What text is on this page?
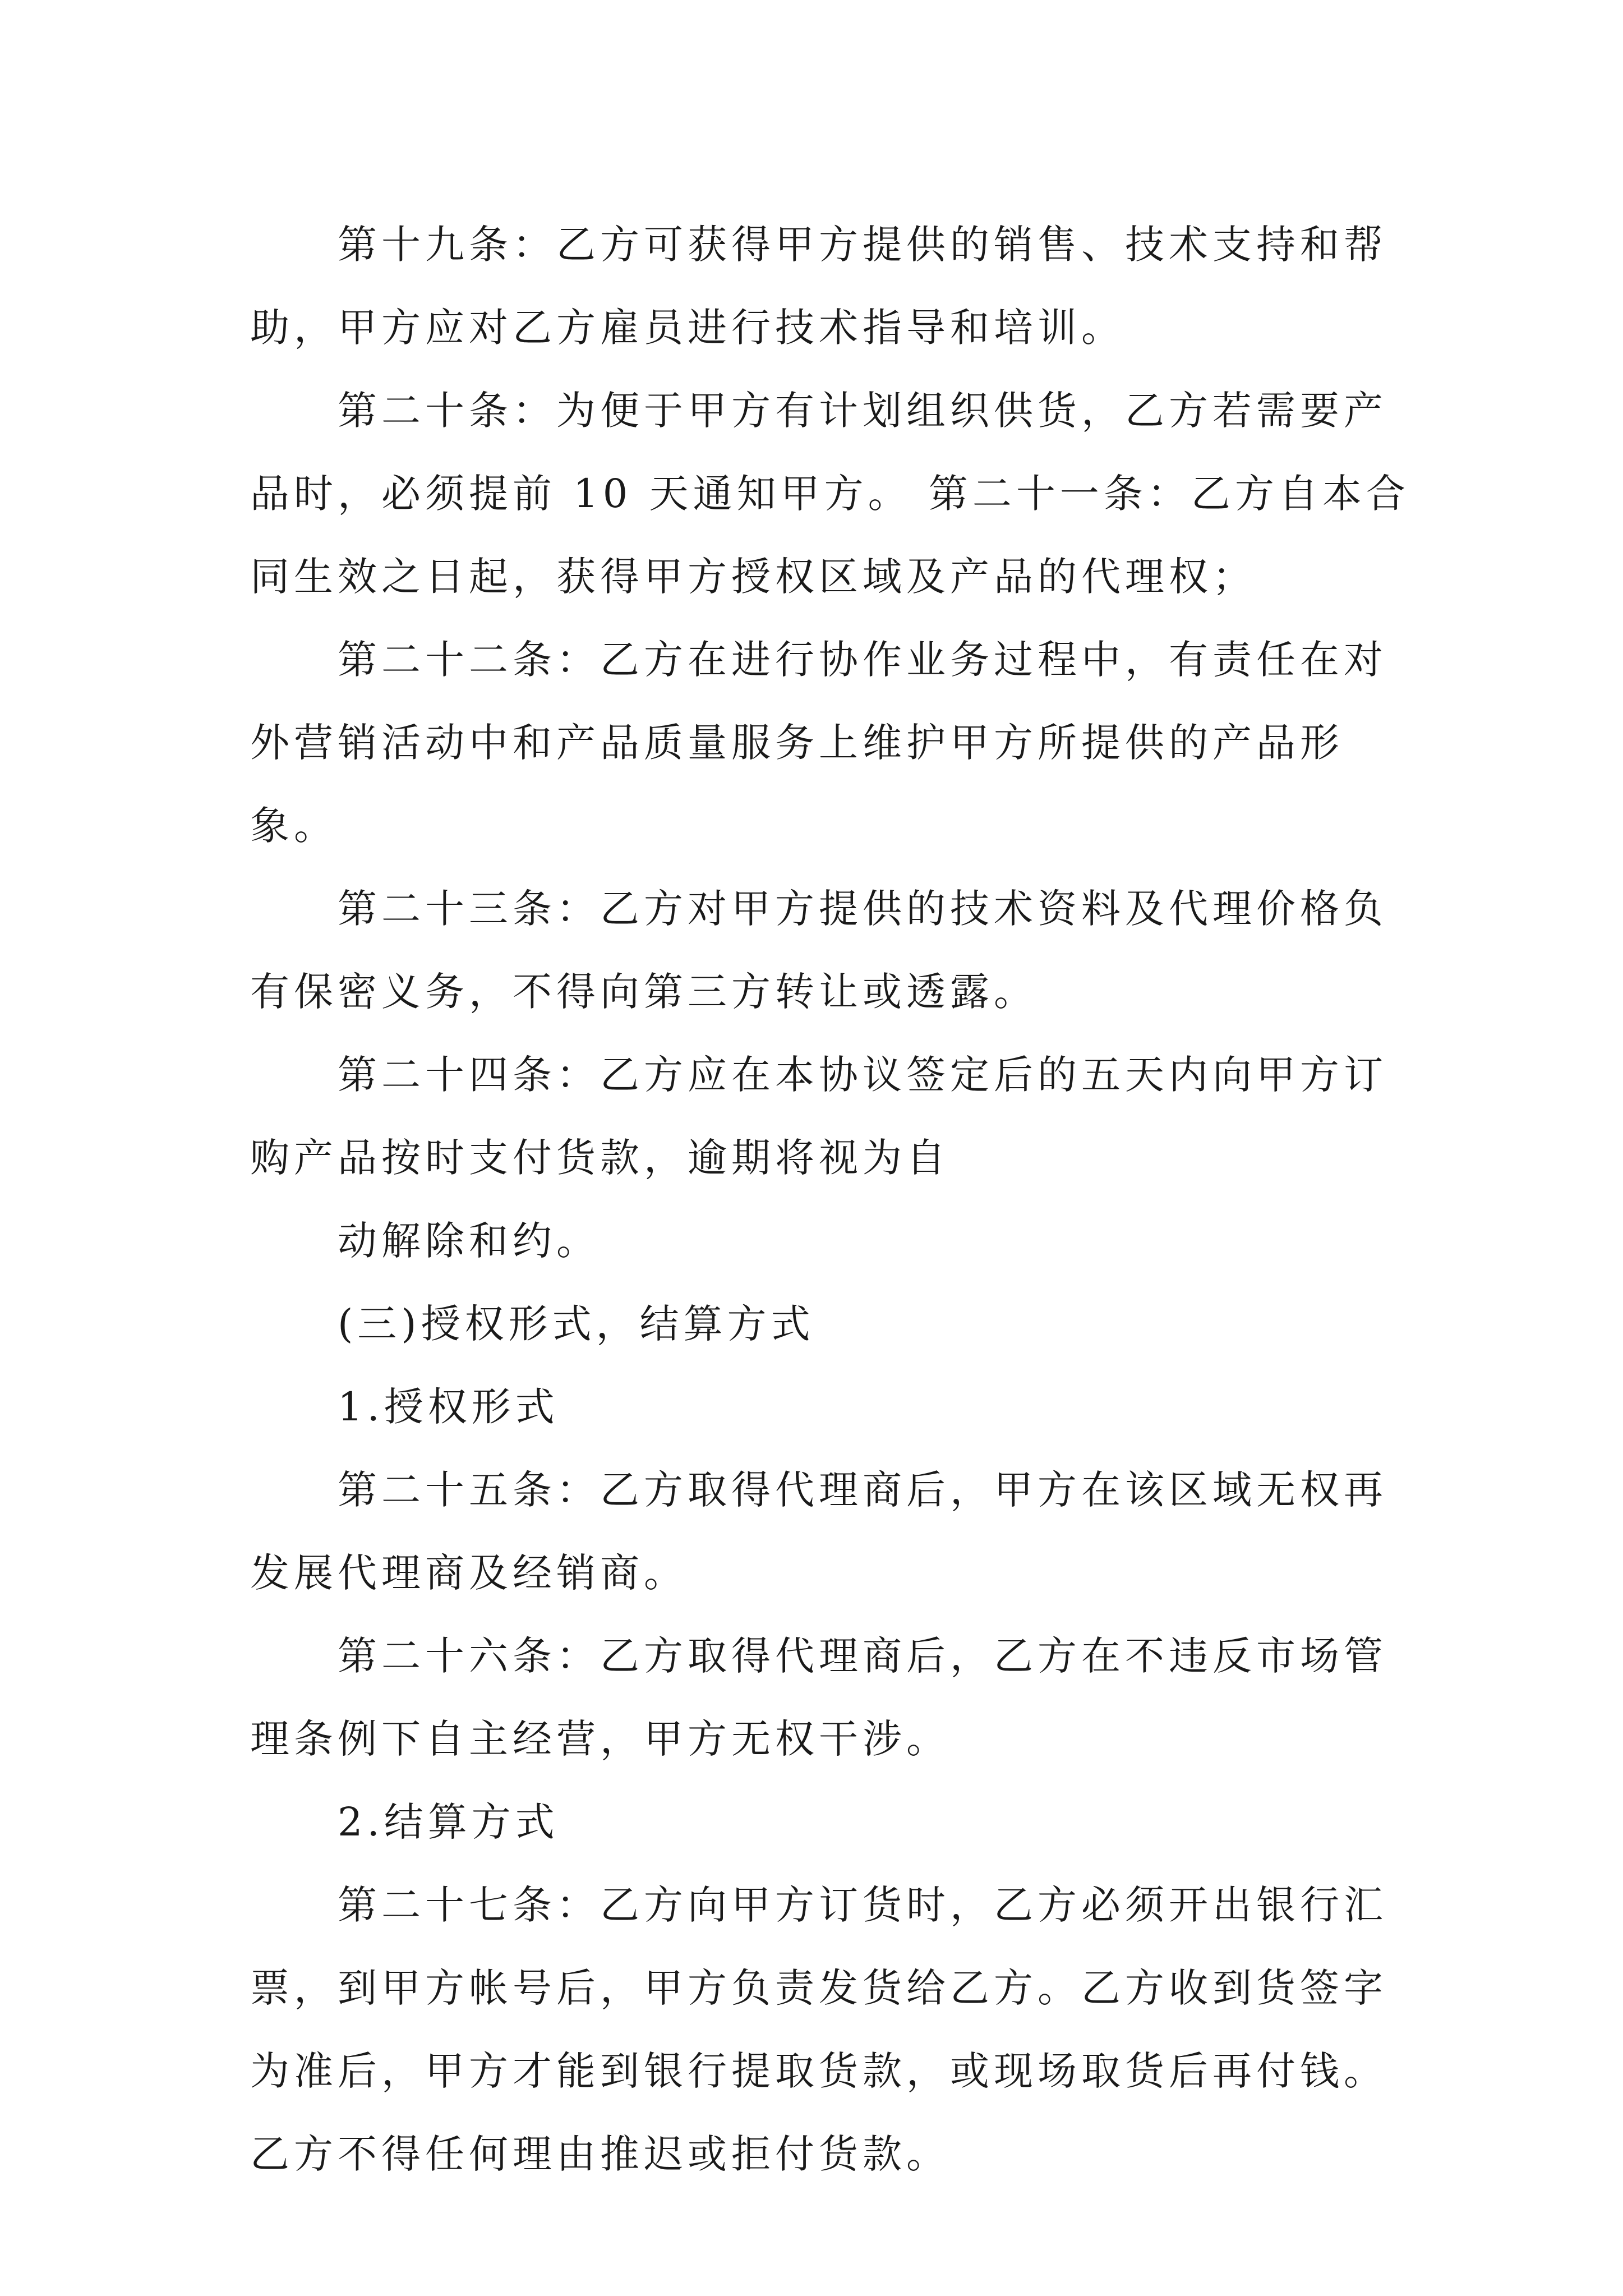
第十九条：乙方可获得甲方提供的销售、技术支持和帮
助，甲方应对乙方雇员进行技术指导和培训。
第二十条：为便于甲方有计划组织供货，乙方若需要产
品时，必须提前 10 天通知甲方。 第二十一条：乙方自本合
同生效之日起，获得甲方授权区域及产品的代理权；
第二十二条：乙方在进行协作业务过程中，有责任在对
外营销活动中和产品质量服务上维护甲方所提供的产品形
象。
第二十三条：乙方对甲方提供的技术资料及代理价格负
有保密义务，不得向第三方转让或透露。
第二十四条：乙方应在本协议签定后的五天内向甲方订
购产品按时支付货款，逾期将视为自
动解除和约。
(三)授权形式，结算方式
1.授权形式
第二十五条：乙方取得代理商后，甲方在该区域无权再
发展代理商及经销商。
第二十六条：乙方取得代理商后，乙方在不违反市场管
理条例下自主经营，甲方无权干涉。
2.结算方式
第二十七条：乙方向甲方订货时，乙方必须开出银行汇
票，到甲方帐号后，甲方负责发货给乙方。乙方收到货签字
为准后，甲方才能到银行提取货款，或现场取货后再付钱。
乙方不得任何理由推迟或拒付货款。
